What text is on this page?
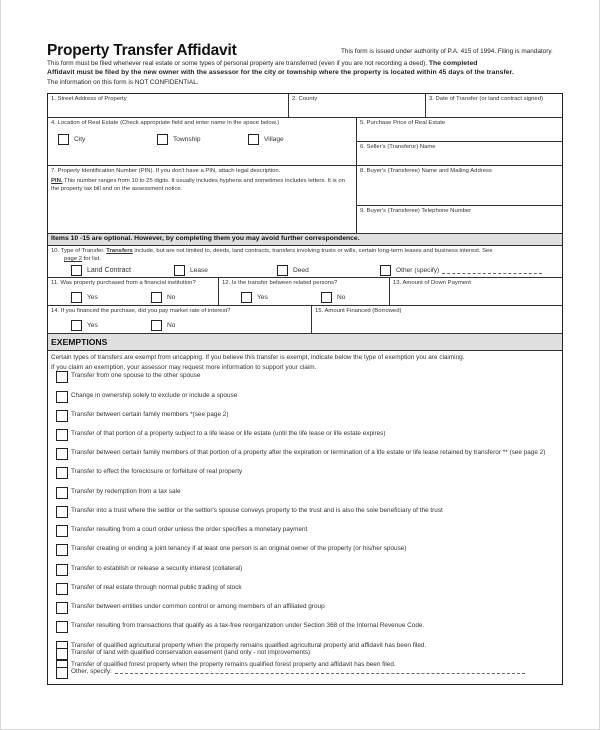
Property Transfer Affidavit	This form is issued under authority of P.A. 415 of 1994. Filing is mandatory.
This form must be filed whenever real estate or some types of personal property are transferred (even if you are not recording a deed). The completed
Affidavit must be filed by the new owner with the assessor for the city or township where the property is located within 45 days of the transfer.
The information on this form is NOT CONFIDENTIAL.
1. Street Address of Property	2. County	3. Date of Transfer (or land contract signed)
4. Location of Real Estate (Check appropriate field and enter name in the space below.)
City	Township	Village
5. Purchase Price of Real Estate
6. Seller's (Transferor) Name
7. Property Identification Number (PIN). If you don't have a PIN, attach legal description.
PIN. This number ranges from 10 to 25 digits. It usually includes hyphens and sometimes includes letters. It is on the property tax bill and on the assessment notice.
8. Buyer's (Transferee) Name and Mailing Address
9. Buyer's (Transferee) Telephone Number
Items 10 -15 are optional. However, by completing them you may avoid further correspondence.
10. Type of Transfer. Transfers include, but are not limited to, deeds, land contracts, transfers involving trusts or wills, certain long-term leases and business interest. See
page 2 for list.
Land Contract	Lease	Deed	Other (specify)
11. Was property purchased from a financial institution?
Yes	No
12. Is the transfer between related persons?
Yes	No
13. Amount of Down Payment
14. If you financed the purchase, did you pay market rate of interest?
Yes	No
15. Amount Financed (Borrowed)
EXEMPTIONS
Certain types of transfers are exempt from uncapping. If you believe this transfer is exempt, indicate below the type of exemption you are claiming.
If you claim an exemption, your assessor may request more information to support your claim.
Transfer from one spouse to the other spouse
Change in ownership solely to exclude or include a spouse
Transfer between certain family members *(see page 2)
Transfer of that portion of a property subject to a life lease or life estate (until the life lease or life estate expires)
Transfer between certain family members of that portion of a property after the expiration or termination of a life estate or life lease retained by transferor ** (see page 2)
Transfer to effect the foreclosure or forfeiture of real property
Transfer by redemption from a tax sale
Transfer into a trust where the settlor or the settlor's spouse conveys property to the trust and is also the sole beneficiary of the trust
Transfer resulting from a court order unless the order specifies a monetary payment
Transfer creating or ending a joint tenancy if at least one person is an original owner of the property (or his/her spouse)
Transfer to establish or release a security interest (collateral)
Transfer of real estate through normal public trading of stock
Transfer between entities under common control or among members of an affiliated group
Transfer resulting from transactions that qualify as a tax-free reorganization under Section 368 of the Internal Revenue Code.
Transfer of qualified agricultural property when the property remains qualified agricultural property and affidavit has been filed.
Transfer of qualified forest property when the property remains qualified forest property and affidavit has been filed.
Transfer of land with qualified conservation easement (land only - not improvements)
Other, specify:
